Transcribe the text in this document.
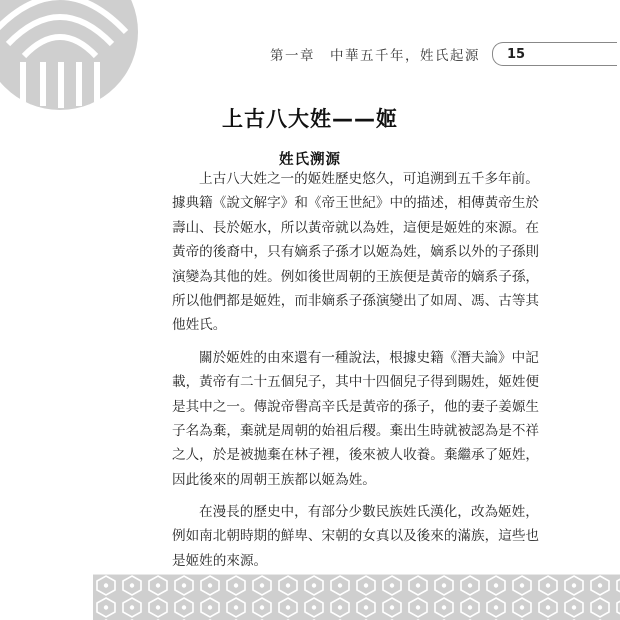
第一章　中華五千年，姓氏起源	15
上古八大姓——姬
姓氏溯源
上古八大姓之一的姬姓歷史悠久，可追溯到五千多年前。
據典籍《說文解字》和《帝王世紀》中的描述，相傳黃帝生於
壽山、長於姬水，所以黃帝就以為姓，這便是姬姓的來源。在
黃帝的後裔中，只有嫡系子孫才以姬為姓，嫡系以外的子孫則
演變為其他的姓。例如後世周朝的王族便是黃帝的嫡系子孫，
所以他們都是姬姓，而非嫡系子孫演變出了如周、馮、古等其
他姓氏。
關於姬姓的由來還有一種說法，根據史籍《潛夫論》中記
載，黃帝有二十五個兒子，其中十四個兒子得到賜姓，姬姓便
是其中之一。傳說帝嚳高辛氏是黃帝的孫子，他的妻子姜嫄生
子名為棄，棄就是周朝的始祖后稷。棄出生時就被認為是不祥
之人，於是被拋棄在林子裡，後來被人收養。棄繼承了姬姓，
因此後來的周朝王族都以姬為姓。
在漫長的歷史中，有部分少數民族姓氏漢化，改為姬姓，
例如南北朝時期的鮮卑、宋朝的女真以及後來的滿族，這些也
是姬姓的來源。
